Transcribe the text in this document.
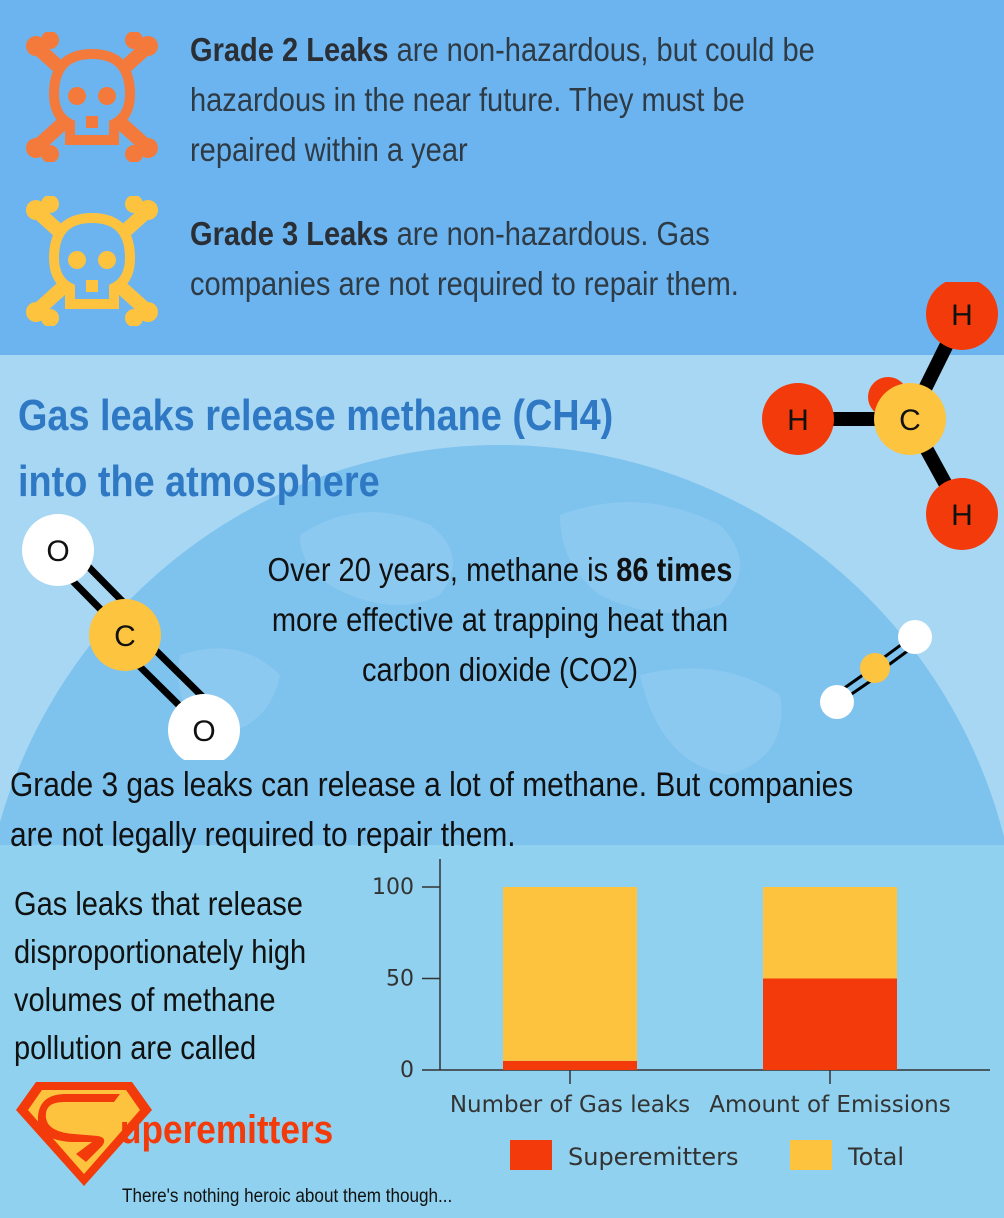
Grade 2 Leaks are non-hazardous, but could be
hazardous in the near future. They must be
repaired within a year
Grade 3 Leaks are non-hazardous. Gas
companies are not required to repair them.
Gas leaks release methane (CH4)
into the atmosphere
H
H
C
H
O
C
O
Over 20 years, methane is 86 times
more effective at trapping heat than
carbon dioxide (CO2)
Grade 3 gas leaks can release a lot of methane. But companies
are not legally required to repair them.
Gas leaks that release
disproportionately high
volumes of methane
pollution are called
uperemitters
There's nothing heroic about them though...
0
50
100
Number of Gas leaks Amount of Emissions
Superemitters	Total
